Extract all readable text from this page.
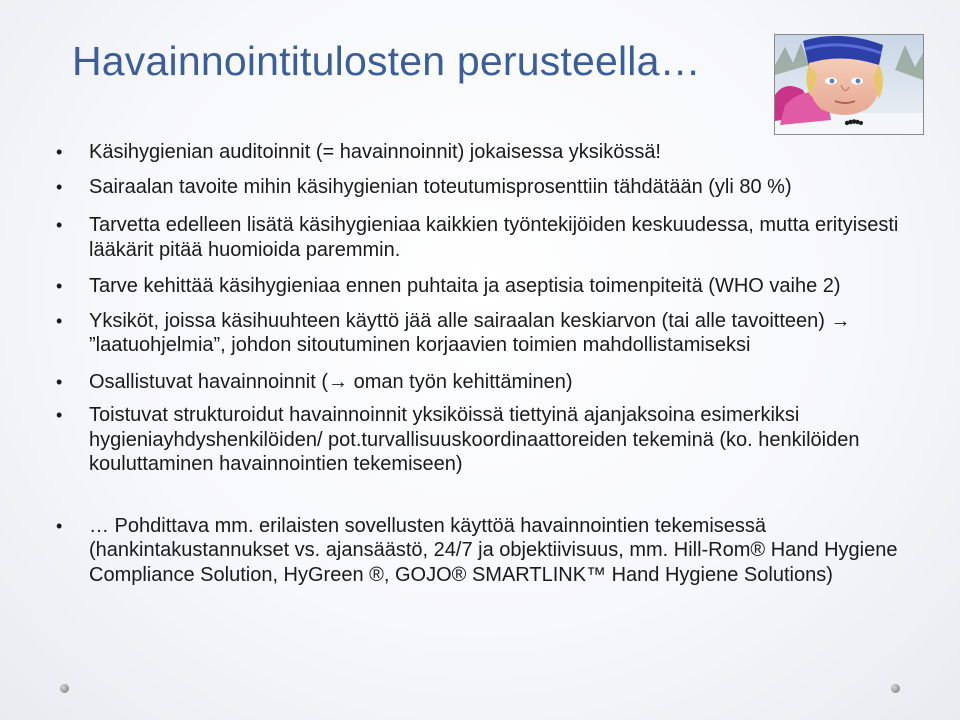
Havainnointitulosten perusteella…
• Käsihygienian auditoinnit (= havainnoinnit) jokaisessa yksikössä!
• Sairaalan tavoite mihin käsihygienian toteutumisprosenttiin tähdätään (yli 80 %)
• Tarvetta edelleen lisätä käsihygieniaa kaikkien työntekijöiden keskuudessa, mutta erityisesti lääkärit pitää huomioida paremmin.
• Tarve kehittää käsihygieniaa ennen puhtaita ja aseptisia toimenpiteitä (WHO vaihe 2)
• Yksiköt, joissa käsihuuhteen käyttö jää alle sairaalan keskiarvon (tai alle tavoitteen) → ”laatuohjelmia”, johdon sitoutuminen korjaavien toimien mahdollistamiseksi
• Osallistuvat havainnoinnit (→ oman työn kehittäminen)
• Toistuvat strukturoidut havainnoinnit yksiköissä tiettyinä ajanjaksoina esimerkiksi hygieniayhdyshenkilöiden/ pot.turvallisuuskoordinaattoreiden tekeminä (ko. henkilöiden kouluttaminen havainnointien tekemiseen)
• … Pohdittava mm. erilaisten sovellusten käyttöä havainnointien tekemisessä (hankintakustannukset vs. ajansäästö, 24/7 ja objektiivisuus, mm. Hill-Rom® Hand Hygiene Compliance Solution, HyGreen ®, GOJO® SMARTLINK™ Hand Hygiene Solutions)
